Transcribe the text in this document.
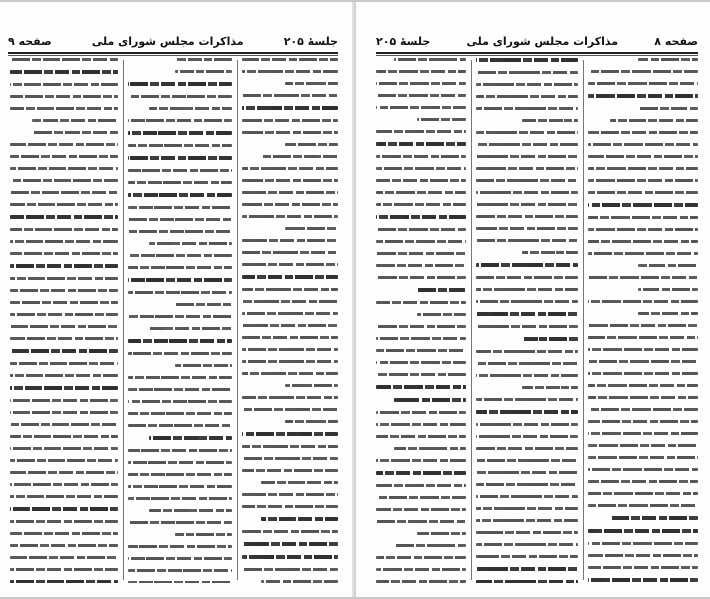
جلسهٔ ۲۰۵
مذاکرات مجلس شورای ملی
صفحه ۹	صفحه ۸
مذاکرات مجلس شورای ملی
جلسهٔ ۲۰۵
